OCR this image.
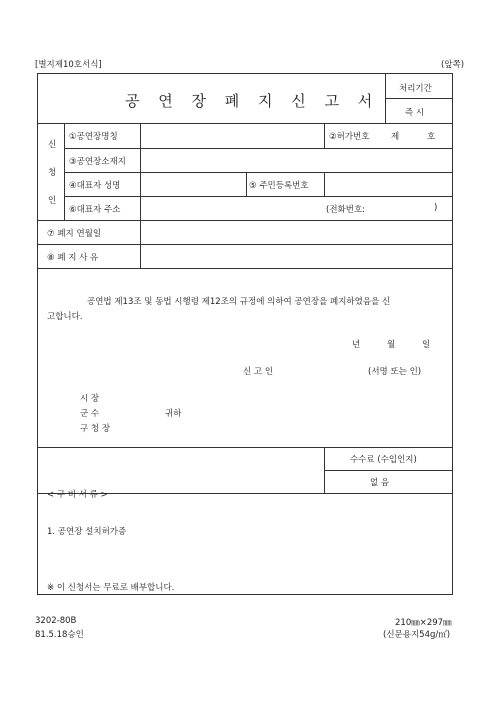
[별지제10호서식]	(앞쪽)
공 연 장 폐 지 신 고 서
처리기간
즉 시
신
청
인
①공연장명칭	②허가번호	제	호
③공연장소재지
④대표자 성명	⑤ 주민등록번호
⑥대표자 주소	(전화번호:	)
⑦ 폐지 연월일
⑧ 폐 지 사 유
공연법 제13조 및 동법 시행령 제12조의 규정에 의하여 공연장을 폐지하였음을 신
고합니다.
년	월	일
신 고 인	(서명 또는 인)
시 장
군 수	귀하
구 청 장
수수료 (수입인지)
없 음
< 구 비 서 류 >
1. 공연장 설치허가증
※ 이 신청서는 무료로 배부합니다.
3202-80B
81.5.18승인
210㎜×297㎜
(신문용지54g/㎡)
